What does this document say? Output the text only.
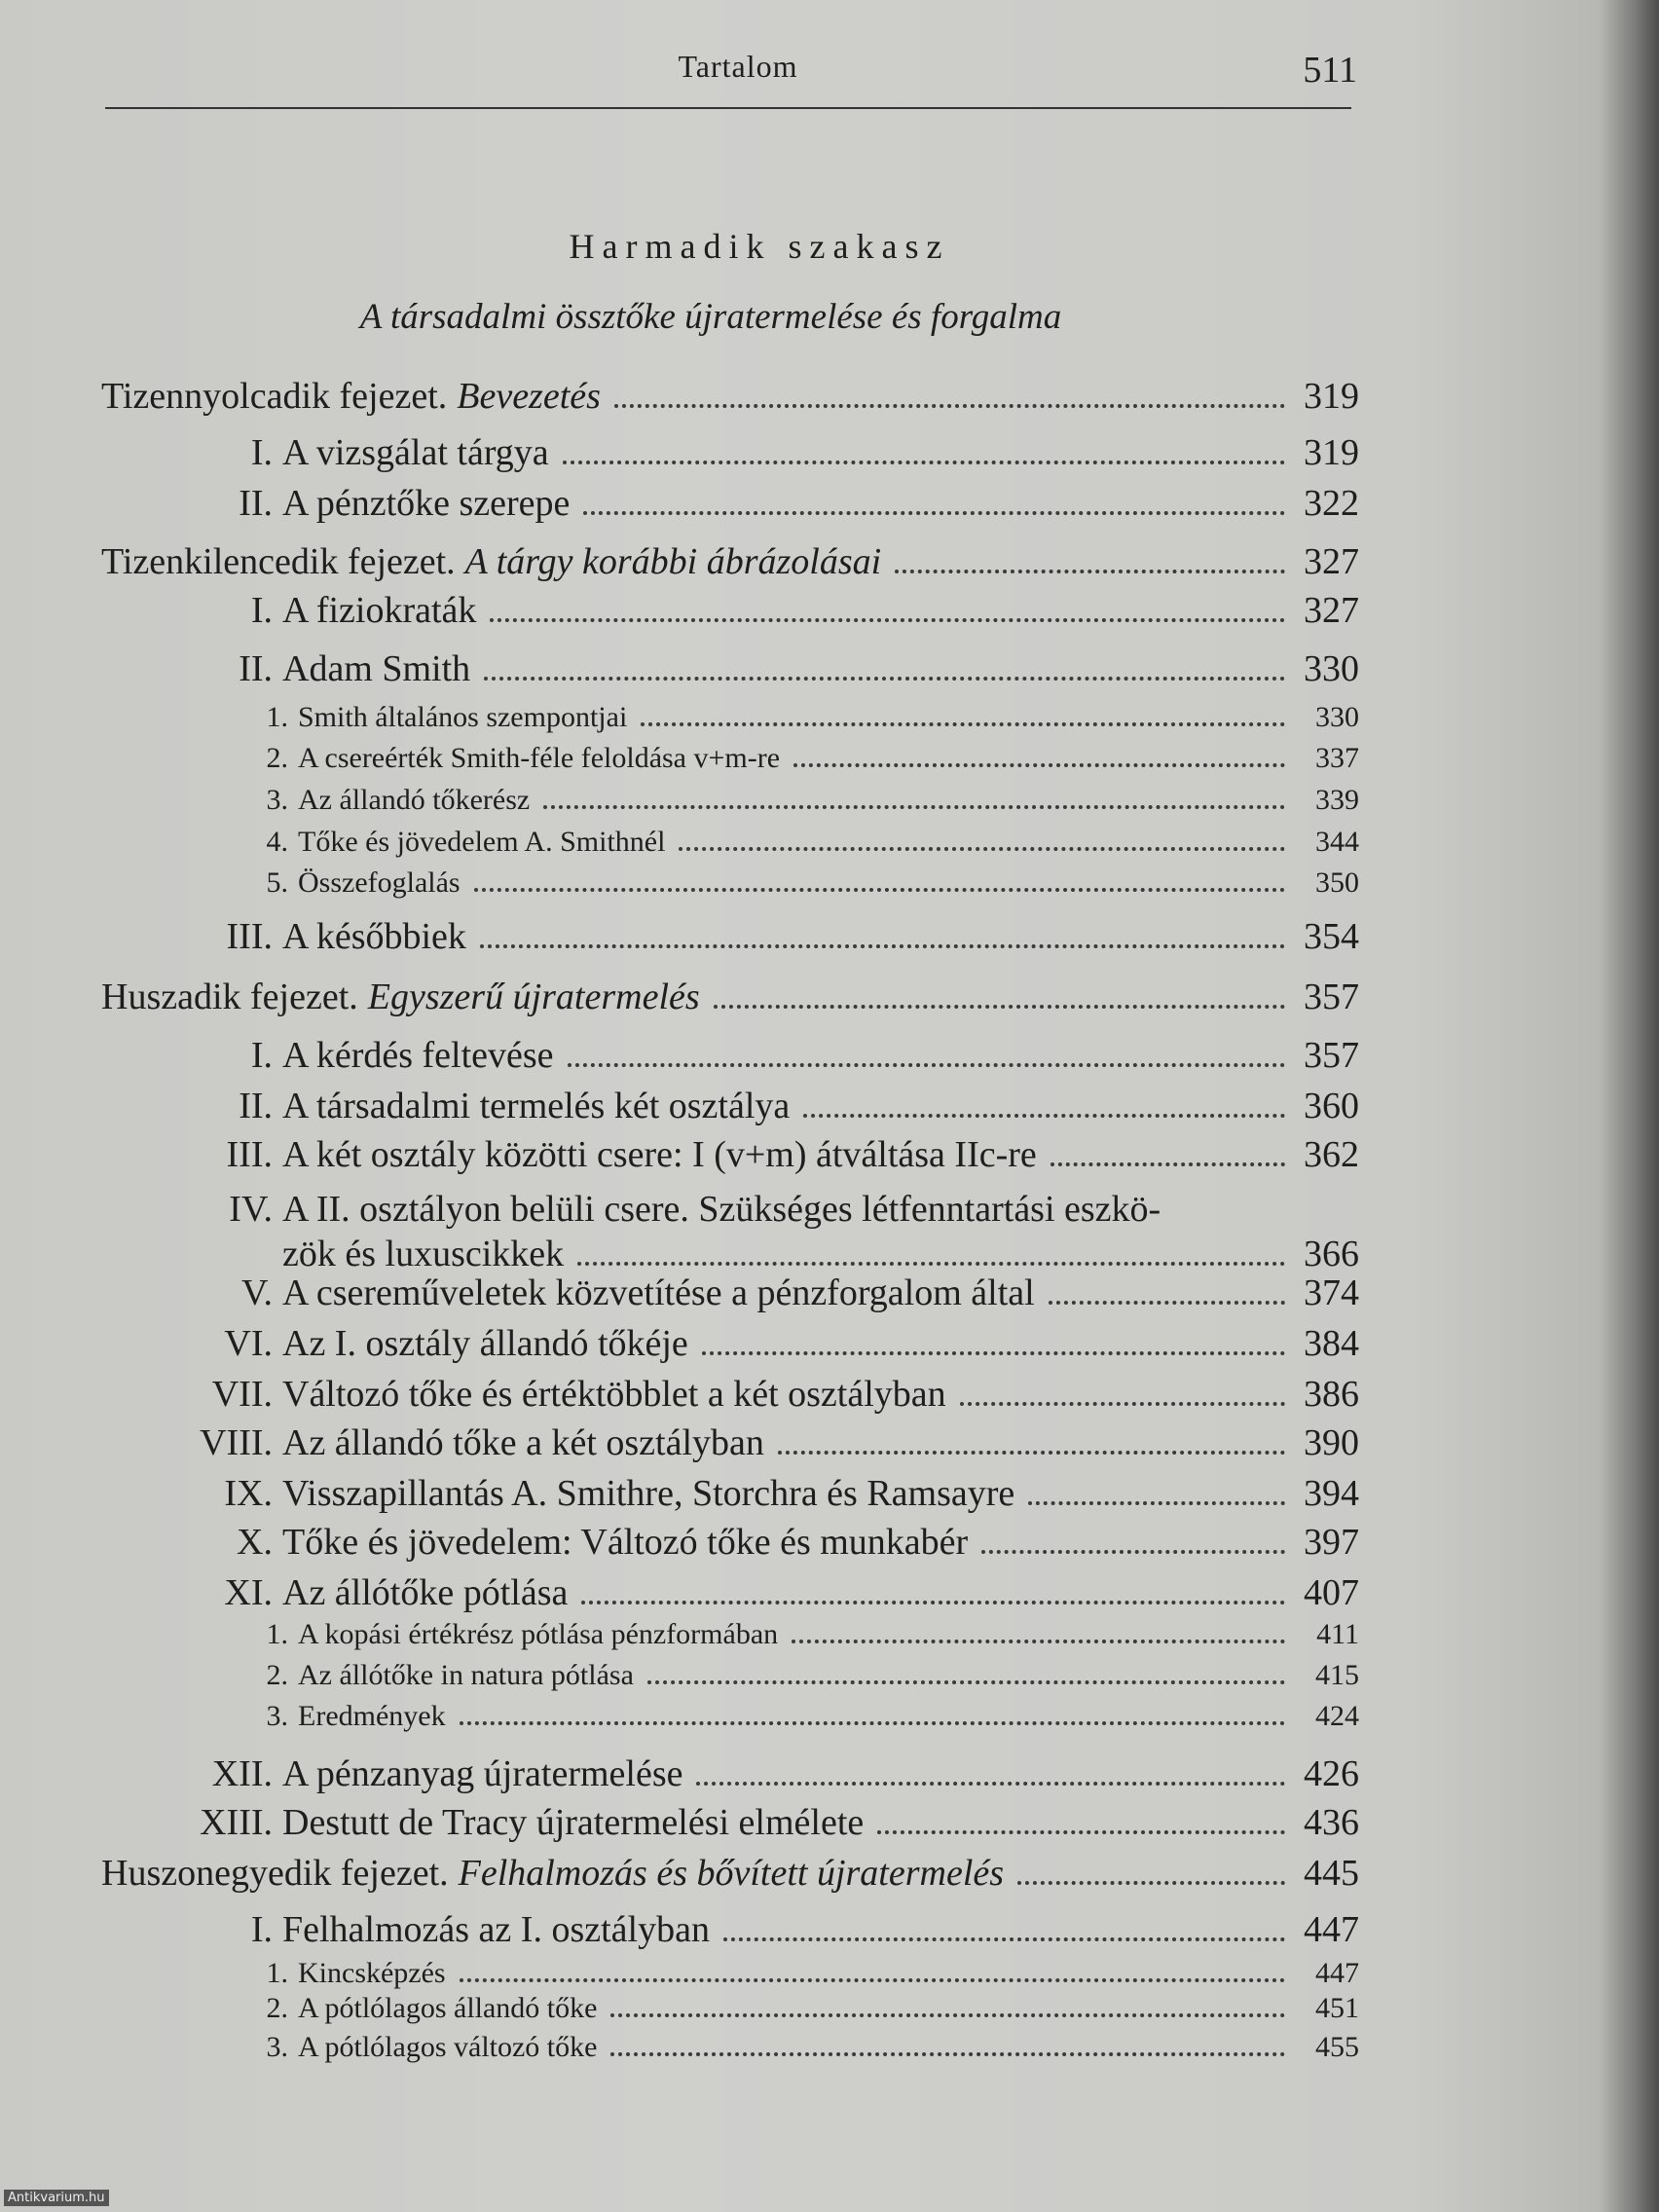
Tartalom	511
Harmadik szakasz
A társadalmi össztőke újratermelése és forgalma
Tizennyolcadik fejezet. Bevezetés	319
I. A vizsgálat tárgya	319
II. A pénztőke szerepe	322
Tizenkilencedik fejezet. A tárgy korábbi ábrázolásai	327
I. A fiziokraták	327
II. Adam Smith	330
1. Smith általános szempontjai	330
2. A csereérték Smith-féle feloldása v+m-re	337
3. Az állandó tőkerész	339
4. Tőke és jövedelem A. Smithnél	344
5. Összefoglalás	350
III. A későbbiek	354
Huszadik fejezet. Egyszerű újratermelés	357
I. A kérdés feltevése	357
II. A társadalmi termelés két osztálya	360
III. A két osztály közötti csere: I (v+m) átváltása IIc-re	362
IV. A II. osztályon belüli csere. Szükséges létfenntartási eszkö-
zök és luxuscikkek	366
V. A csereműveletek közvetítése a pénzforgalom által	374
VI. Az I. osztály állandó tőkéje	384
VII. Változó tőke és értéktöbblet a két osztályban	386
VIII. Az állandó tőke a két osztályban	390
IX. Visszapillantás A. Smithre, Storchra és Ramsayre	394
X. Tőke és jövedelem: Változó tőke és munkabér	397
XI. Az állótőke pótlása	407
1. A kopási értékrész pótlása pénzformában	411
2. Az állótőke in natura pótlása	415
3. Eredmények	424
XII. A pénzanyag újratermelése	426
XIII. Destutt de Tracy újratermelési elmélete	436
Huszonegyedik fejezet. Felhalmozás és bővített újratermelés	445
I. Felhalmozás az I. osztályban	447
1. Kincsképzés	447
2. A pótlólagos állandó tőke	451
3. A pótlólagos változó tőke	455
Antikvarium.hu
